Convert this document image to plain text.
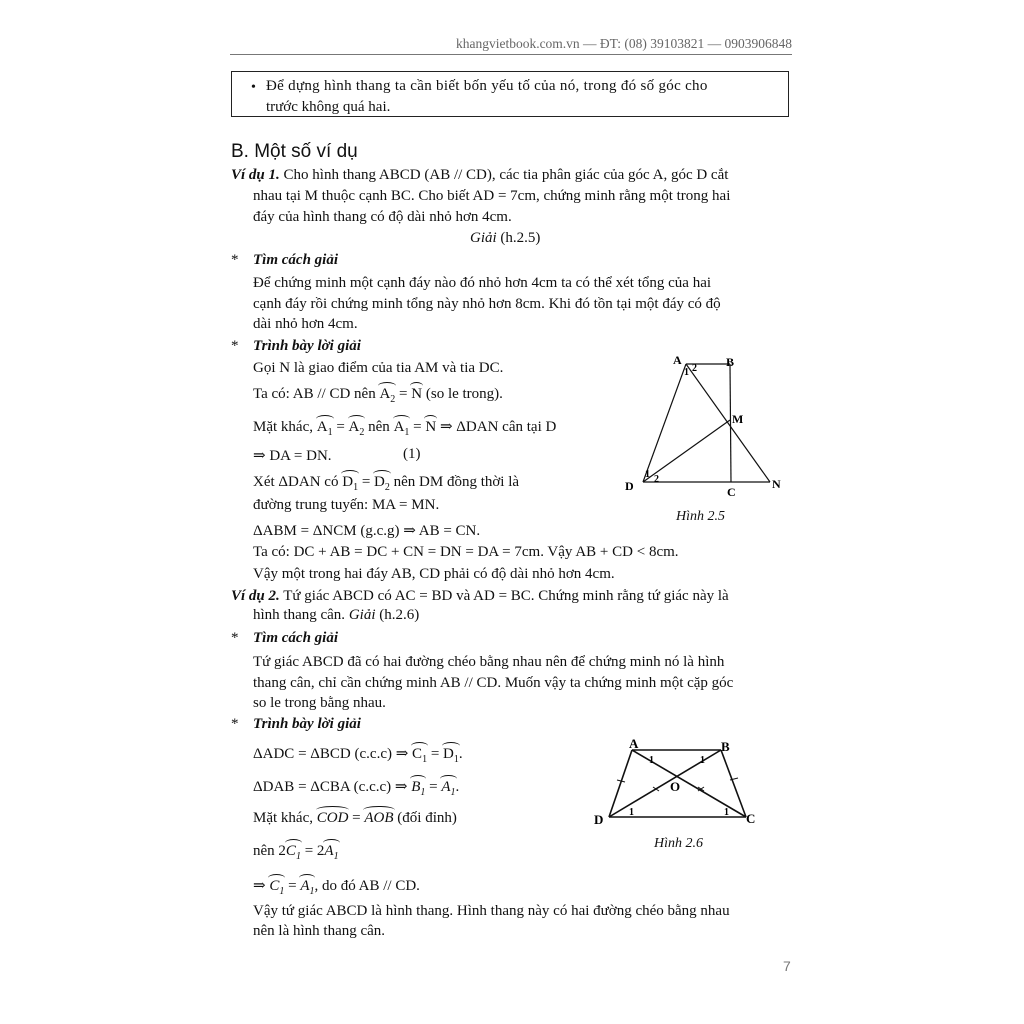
khangvietbook.com.vn — ĐT: (08) 39103821 — 0903906848
• Để dựng hình thang ta cần biết bốn yếu tố của nó, trong đó số góc cho
trước không quá hai.
B. Một số ví dụ
Ví dụ 1. Cho hình thang ABCD (AB // CD), các tia phân giác của góc A, góc D cắt
nhau tại M thuộc cạnh BC. Cho biết AD = 7cm, chứng minh rằng một trong hai
đáy của hình thang có độ dài nhỏ hơn 4cm.
Giải (h.2.5)
* Tìm cách giải
Để chứng minh một cạnh đáy nào đó nhỏ hơn 4cm ta có thể xét tổng của hai
cạnh đáy rồi chứng minh tổng này nhỏ hơn 8cm. Khi đó tồn tại một đáy có độ
dài nhỏ hơn 4cm.
* Trình bày lời giải
Gọi N là giao điểm của tia AM và tia DC.
Ta có: AB // CD nên $A_2 = N$ (so le trong).
Mặt khác, $A_1 = A_2$ nên $A_1 = N$ ⇒ ΔDAN cân tại D
⇒ DA = DN.	(1)
Xét ΔDAN có $D_1 = D_2$ nên DM đồng thời là
đường trung tuyến: MA = MN.
ΔABM = ΔNCM (g.c.g) ⇒ AB = CN.
Ta có: DC + AB = DC + CN = DN = DA = 7cm. Vậy AB + CD < 8cm.
Vậy một trong hai đáy AB, CD phải có độ dài nhỏ hơn 4cm.
A	B
M
D	C
N
1 2
1 2
Hình 2.5
Ví dụ 2. Tứ giác ABCD có AC = BD và AD = BC. Chứng minh rằng tứ giác này là
hình thang cân. Giải (h.2.6)
* Tìm cách giải
Tứ giác ABCD đã có hai đường chéo bằng nhau nên để chứng minh nó là hình
thang cân, chỉ cần chứng minh AB // CD. Muốn vậy ta chứng minh một cặp góc
so le trong bằng nhau.
* Trình bày lời giải
ΔADC = ΔBCD (c.c.c) ⇒ $C_1 = D_1$.
ΔDAB = ΔCBA (c.c.c) ⇒ $B_1 = A_1$.
Mặt khác, COD = AOB (đối đỉnh)
nên $2C_1 = 2A_1$
⇒ $C_1 = A_1$, do đó AB // CD.
Vậy tứ giác ABCD là hình thang. Hình thang này có hai đường chéo bằng nhau
nên là hình thang cân.
A	B
D	C
O
1	1
1	1
Hình 2.6
7
